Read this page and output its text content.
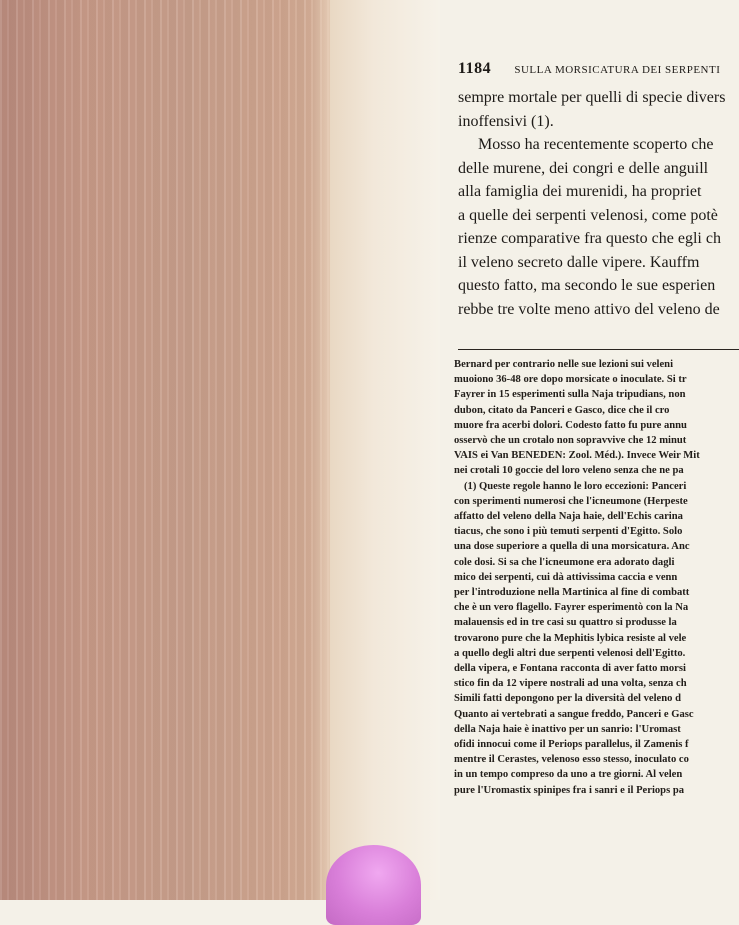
1184 SULLA MORSICATURA DEI SERPENTI

sempre mortale per quelli di specie divers

inoffensivi (1).

Mosso ha recentemente scoperto che

delle murene, dei congri e delle anguill

alla famiglia dei murenidi, ha propriet

a quelle dei serpenti velenosi, come potè

rienze comparative fra questo che egli ch

il veleno secreto dalle vipere. Kauffm

questo fatto, ma secondo le sue esperien

rebbe tre volte meno attivo del veleno de

Bernard per contrario nelle sue lezioni sui veleni

muoiono 36-48 ore dopo morsicate o inoculate. Si tr

Fayrer in 15 esperimenti sulla Naja tripudians, non

dubon, citato da Panceri e Gasco, dice che il cro

muore fra acerbi dolori. Codesto fatto fu pure annu

osservò che un crotalo non sopravvive che 12 minut

VAIS ei Van BENEDEN: Zool. Méd.). Invece Weir Mit

nei crotali 10 goccie del loro veleno senza che ne pa

(1) Queste regole hanno le loro eccezioni: Panceri

con sperimenti numerosi che l'icneumone (Herpeste

affatto del veleno della Naja haie, dell'Echis carina

tiacus, che sono i più temuti serpenti d'Egitto. Solo

una dose superiore a quella di una morsicatura. Anc

cole dosi. Si sa che l'icneumone era adorato dagli

mico dei serpenti, cui dà attivissima caccia e venn

per l'introduzione nella Martinica al fine di combatt

che è un vero flagello. Fayrer esperimentò con la Na

malauensis ed in tre casi su quattro si produsse la

trovarono pure che la Mephitis lybica resiste al vele

a quello degli altri due serpenti velenosi dell'Egitto.

della vipera, e Fontana racconta di aver fatto morsi

stico fin da 12 vipere nostrali ad una volta, senza ch

Simili fatti depongono per la diversità del veleno d

Quanto ai vertebrati a sangue freddo, Panceri e Gasc

della Naja haie è inattivo per un sanrio: l'Uromast

ofidi innocui come il Periops parallelus, il Zamenis f

mentre il Cerastes, velenoso esso stesso, inoculato co

in un tempo compreso da uno a tre giorni. Al velen

pure l'Uromastix spinipes fra i sanri e il Periops pa
